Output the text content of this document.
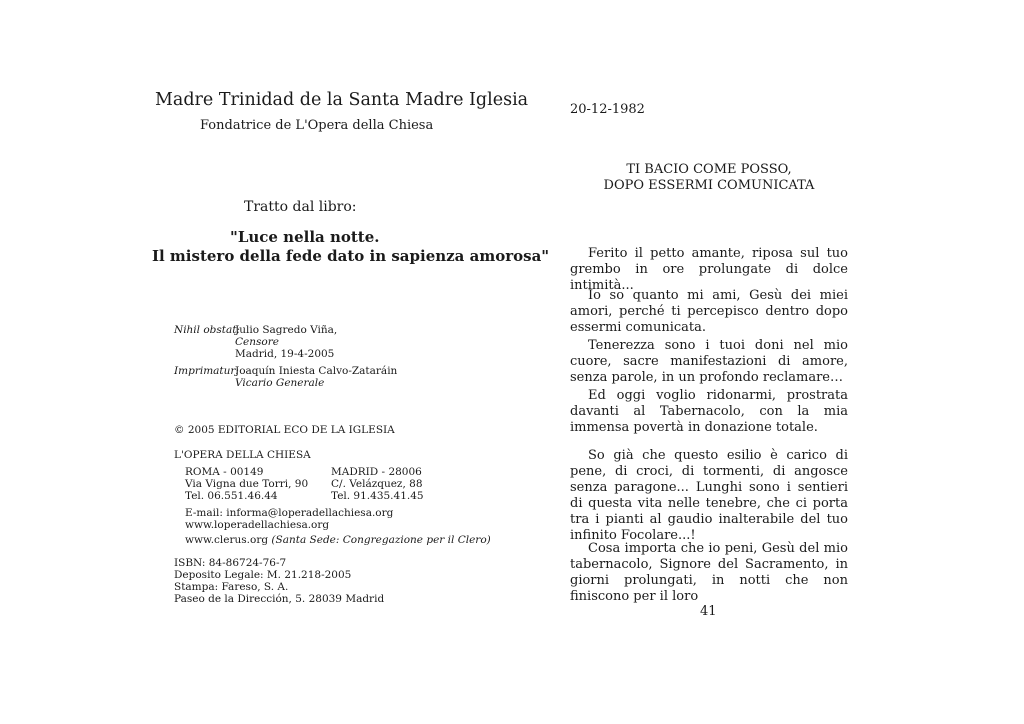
Madre Trinidad de la Santa Madre Iglesia
Fondatrice de L'Opera della Chiesa
Tratto dal libro:
"Luce nella notte.
Il mistero della fede dato in sapienza amorosa"
Nihil obstat:
Julio Sagredo Viña,
Censore
Madrid, 19-4-2005
Imprimatur:
Joaquín Iniesta Calvo-Zataráin
Vicario Generale
© 2005 EDITORIAL ECO DE LA IGLESIA
L'OPERA DELLA CHIESA
ROMA - 00149
Via Vigna due Torri, 90
Tel. 06.551.46.44
MADRID - 28006
C/. Velázquez, 88
Tel. 91.435.41.45
E-mail: informa@loperadellachiesa.org
www.loperadellachiesa.org
www.clerus.org (Santa Sede: Congregazione per il Clero)
ISBN: 84-86724-76-7
Deposito Legale: M. 21.218-2005
Stampa: Fareso, S. A.
Paseo de la Dirección, 5. 28039 Madrid
20-12-1982
TI BACIO COME POSSO,
DOPO ESSERMI COMUNICATA

Ferito il petto amante, riposa sul tuo grembo in ore prolungate di dolce intimità...

Io so quanto mi ami, Gesù dei miei amori, perché ti percepisco dentro dopo essermi comunicata.

Tenerezza sono i tuoi doni nel mio cuore, sacre manifestazioni di amore, senza parole, in un profondo reclamare…

Ed oggi voglio ridonarmi, prostrata davanti al Tabernacolo, con la mia immensa povertà in donazione totale.

So già che questo esilio è carico di pene, di croci, di tormenti, di angosce senza paragone... Lunghi sono i sentieri di questa vita nelle tenebre, che ci porta tra i pianti al gaudio inalterabile del tuo infinito Focolare...!

Cosa importa che io peni, Gesù del mio tabernacolo, Signore del Sacramento, in giorni prolungati, in notti che non finiscono per il loro

41
